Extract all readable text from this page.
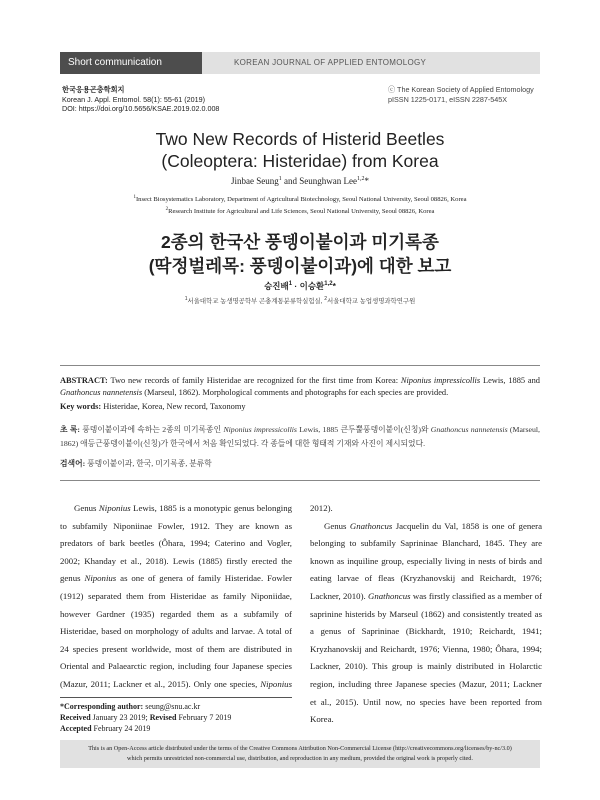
Short communication	KOREAN JOURNAL OF APPLIED ENTOMOLOGY
한국응용곤충학회지
Korean J. Appl. Entomol. 58(1): 55-61 (2019)
DOI: https://doi.org/10.5656/KSAE.2019.02.0.008
ⓒ The Korean Society of Applied Entomology
pISSN 1225-0171, eISSN 2287-545X
Two New Records of Histerid Beetles
(Coleoptera: Histeridae) from Korea
Jinbae Seung$^1$ and Seunghwan Lee$^{1,2}$*
$^1$Insect Biosystematics Laboratory, Department of Agricultural Biotechnology, Seoul National University, Seoul 08826, Korea
$^2$Research Institute for Agricultural and Life Sciences, Seoul National University, Seoul 08826, Korea
2종의 한국산 풍뎅이붙이과 미기록종
(딱정벌레목: 풍뎅이붙이과)에 대한 보고
승진배$^1$ · 이승환$^{1,2}$*
$^1$서울대학교 농생명공학부 곤충계통분류학실험실, $^2$서울대학교 농업생명과학연구원
ABSTRACT: Two new records of family Histeridae are recognized for the first time from Korea: Niponius impressicollis Lewis, 1885 and Gnathoncus nannetensis (Marseul, 1862). Morphological comments and photographs for each species are provided.
Key words: Histeridae, Korea, New record, Taxonomy
초 록: 풍뎅이붙이과에 속하는 2종의 미기록종인 Niponius impressicollis Lewis, 1885 큰두뿔풍뎅이붙이(신칭)와 Gnathoncus nannetensis (Marseul, 1862) 애등근풍뎅이붙이(신칭)가 한국에서 처음 확인되었다. 각 종들에 대한 형태적 기재와 사진이 제시되었다.
검색어: 풍뎅이붙이과, 한국, 미기록종, 분류학

Genus Niponius Lewis, 1885 is a monotypic genus belonging to subfamily Niponiinae Fowler, 1912. They are known as predators of bark beetles (Ôhara, 1994; Caterino and Vogler, 2002; Khanday et al., 2018). Lewis (1885) firstly erected the genus Niponius as one of genera of family Histeridae. Fowler (1912) separated them from Histeridae as family Niponiidae, however Gardner (1935) regarded them as a subfamily of Histeridae, based on morphology of adults and larvae. A total of 24 species present worldwide, most of them are distributed in Oriental and Palaearctic region, including four Japanese species (Mazur, 2011; Lackner et al., 2015). Only one species, Niponius

2012).

Genus Gnathoncus Jacquelin du Val, 1858 is one of genera belonging to subfamily Saprininae Blanchard, 1845. They are known as inquiline group, especially living in nests of birds and eating larvae of fleas (Kryzhanovskij and Reichardt, 1976; Lackner, 2010). Gnathoncus was firstly classified as a member of saprinine histerids by Marseul (1862) and consistently treated as a genus of Saprininae (Bickhardt, 1910; Reichardt, 1941; Kryzhanovskij and Reichardt, 1976; Vienna, 1980; Ôhara, 1994; Lackner, 2010). This group is mainly distributed in Holarctic region, including three Japanese species (Mazur, 2011; Lackner et al., 2015). Until now, no species have been reported from Korea.

*Corresponding author: seung@snu.ac.kr
Received January 23 2019; Revised February 7 2019
Accepted February 24 2019
This is an Open-Access article distributed under the terms of the Creative Commons Attribution Non-Commercial License (http://creativecommons.org/licenses/by-nc/3.0)
which permits unrestricted non-commercial use, distribution, and reproduction in any medium, provided the original work is properly cited.
